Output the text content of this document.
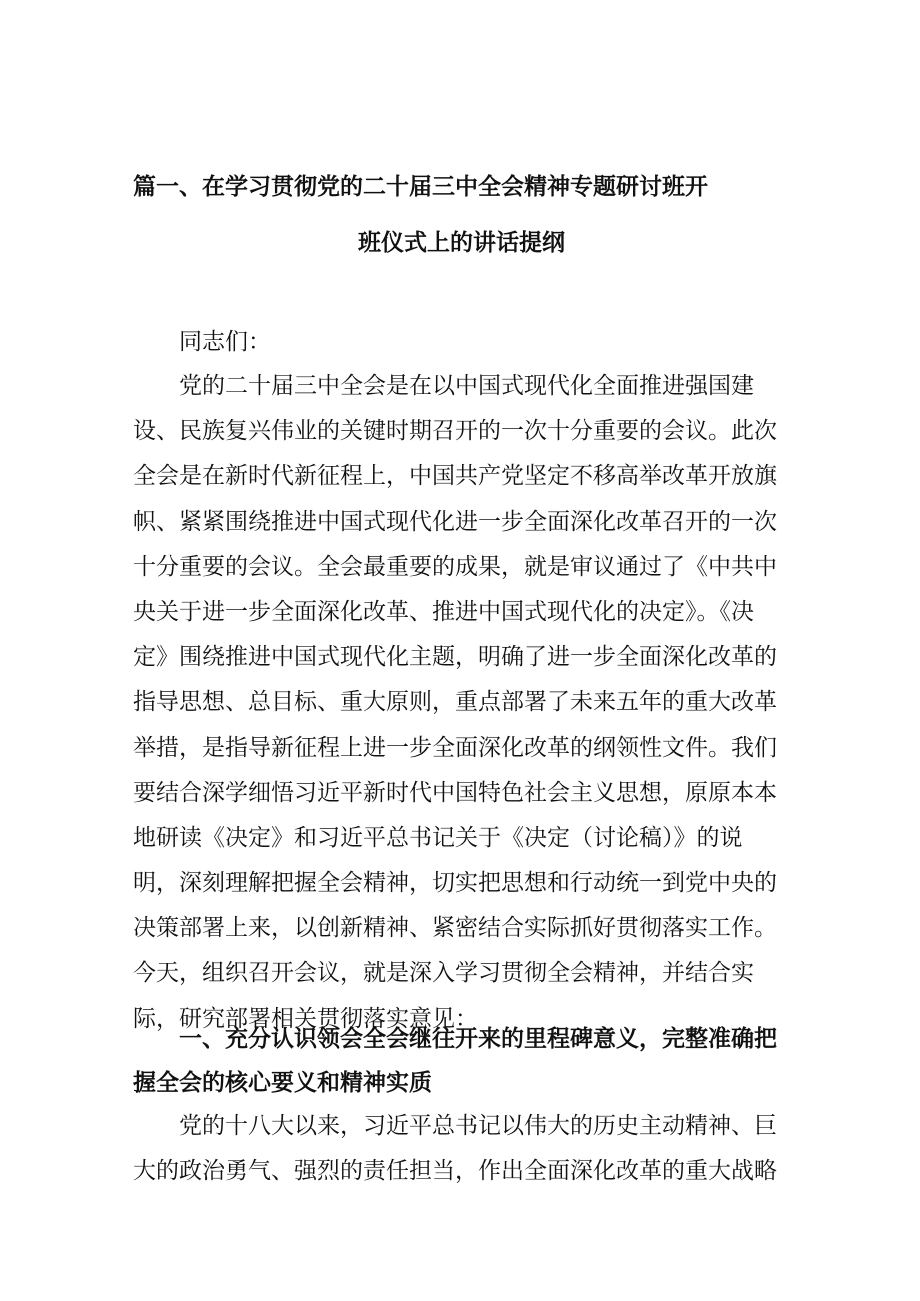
篇一、在学习贯彻党的二十届三中全会精神专题研讨班开
班仪式上的讲话提纲
同志们：
党的二十届三中全会是在以中国式现代化全面推进强国建
设、民族复兴伟业的关键时期召开的一次十分重要的会议。此次
全会是在新时代新征程上，中国共产党坚定不移高举改革开放旗
帜、紧紧围绕推进中国式现代化进一步全面深化改革召开的一次
十分重要的会议。全会最重要的成果，就是审议通过了《中共中
央关于进一步全面深化改革、推进中国式现代化的决定》。《决
定》围绕推进中国式现代化主题，明确了进一步全面深化改革的
指导思想、总目标、重大原则，重点部署了未来五年的重大改革
举措，是指导新征程上进一步全面深化改革的纲领性文件。我们
要结合深学细悟习近平新时代中国特色社会主义思想，原原本本
地研读《决定》和习近平总书记关于《决定（讨论稿）》的说
明，深刻理解把握全会精神，切实把思想和行动统一到党中央的
决策部署上来，以创新精神、紧密结合实际抓好贯彻落实工作。
今天，组织召开会议，就是深入学习贯彻全会精神，并结合实
际，研究部署相关贯彻落实意见：
一、充分认识领会全会继往开来的里程碑意义，完整准确把
握全会的核心要义和精神实质
党的十八大以来，习近平总书记以伟大的历史主动精神、巨
大的政治勇气、强烈的责任担当，作出全面深化改革的重大战略
